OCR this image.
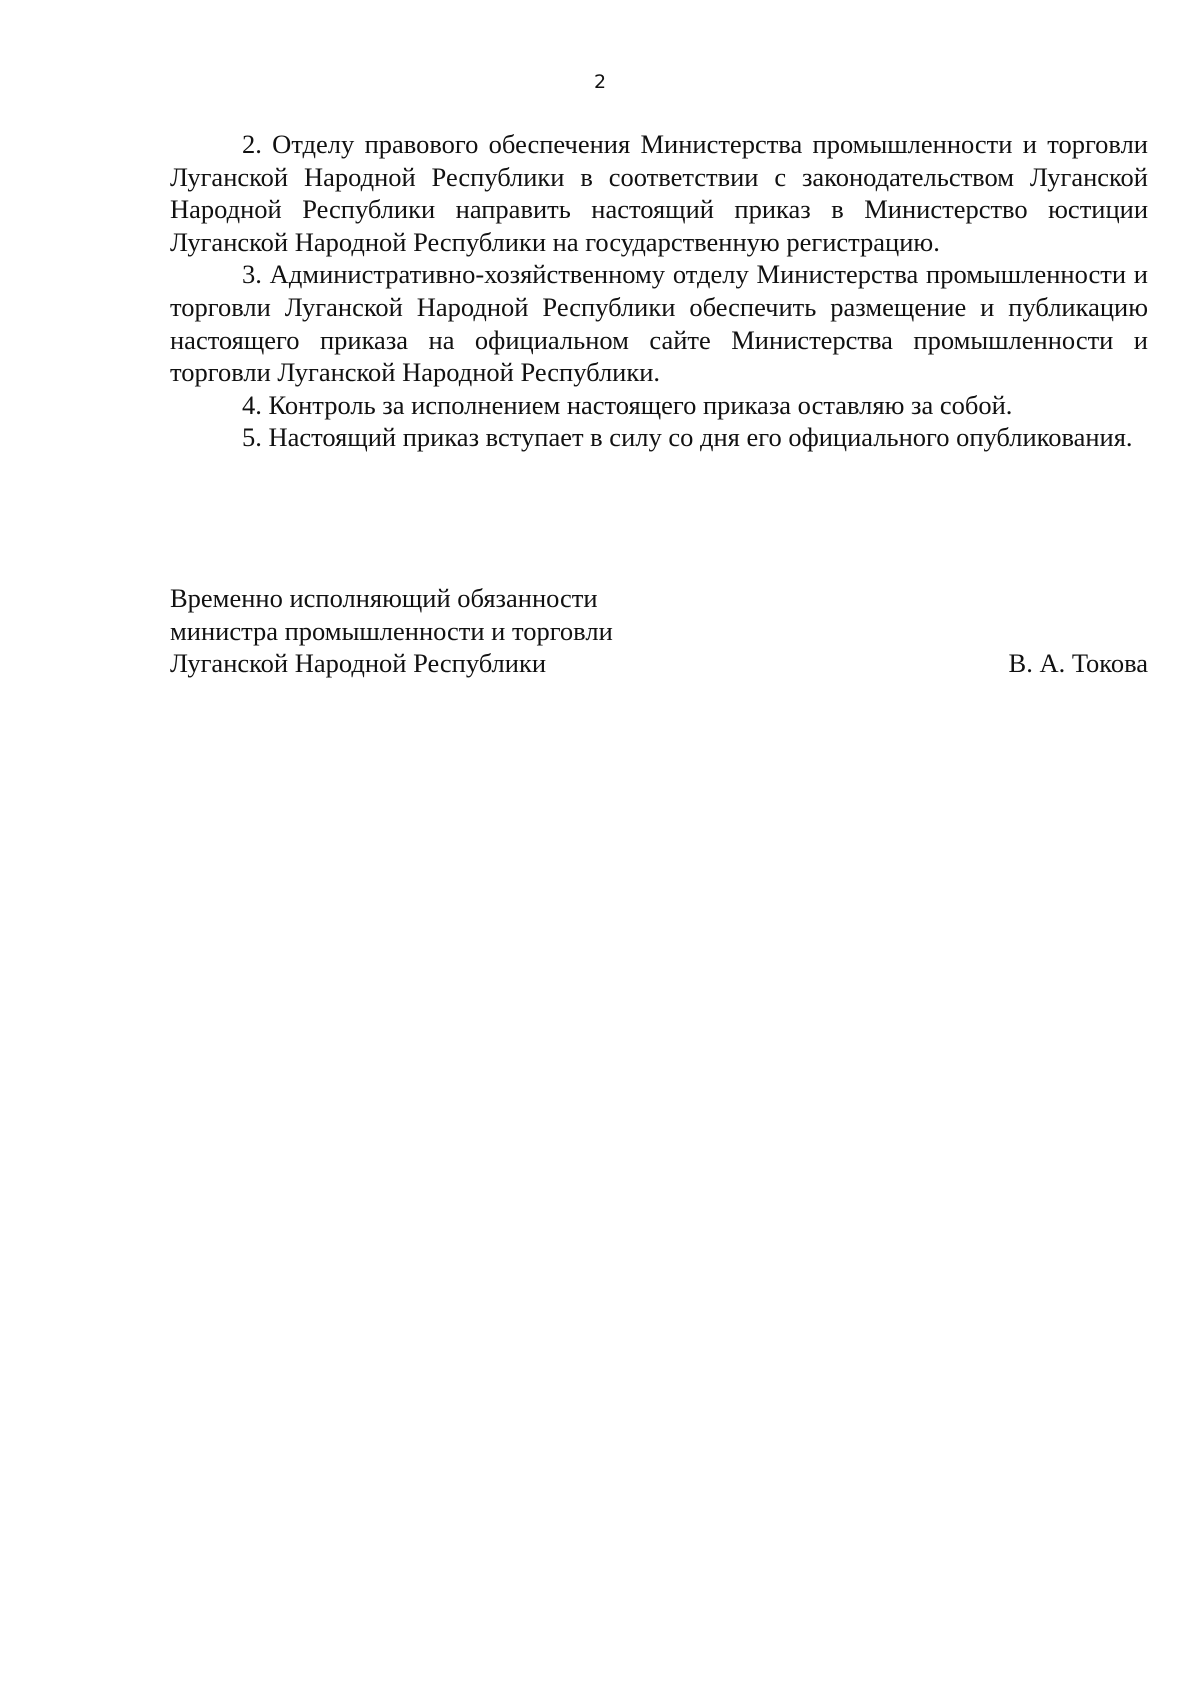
2

2. Отделу правового обеспечения Министерства промышленности и торговли Луганской Народной Республики в соответствии с законодательством Луганской Народной Республики направить настоящий приказ в Министерство юстиции Луганской Народной Республики на государственную регистрацию.

3. Административно-хозяйственному отделу Министерства промышленности и торговли Луганской Народной Республики обеспечить размещение и публикацию настоящего приказа на официальном сайте Министерства промышленности и торговли Луганской Народной Республики.

4. Контроль за исполнением настоящего приказа оставляю за собой.

5. Настоящий приказ вступает в силу со дня его официального опубликования.

Временно исполняющий обязанности
министра промышленности и торговли
Луганской Народной Республики	В. А. Токова
